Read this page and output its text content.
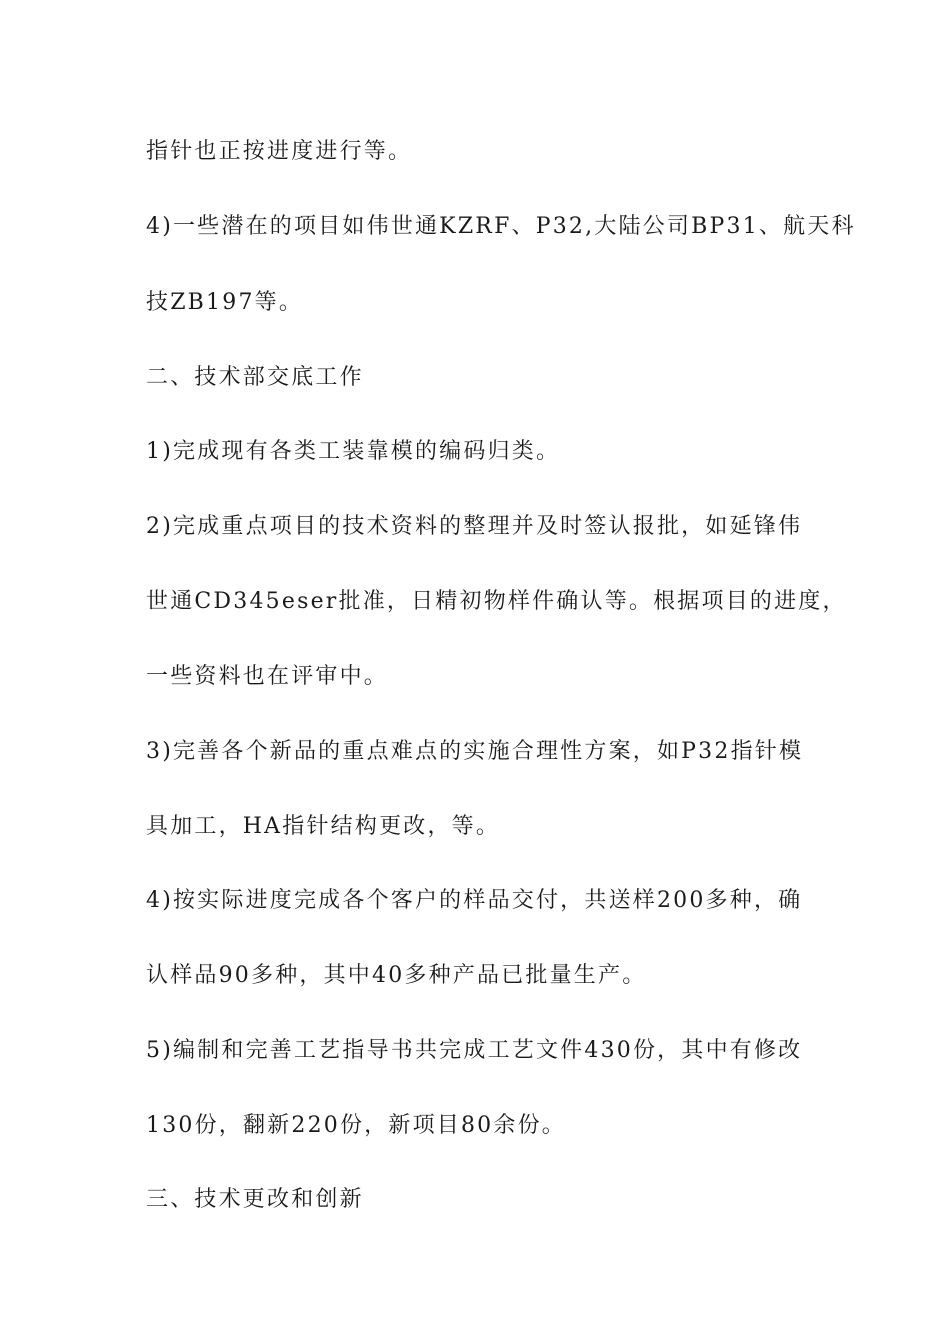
指针也正按进度进行等。
4)一些潜在的项目如伟世通KZRF、P32,大陆公司BP31、航天科
技ZB197等。
二、技术部交底工作
1)完成现有各类工装靠模的编码归类。
2)完成重点项目的技术资料的整理并及时签认报批，如延锋伟
世通CD345eser批准，日精初物样件确认等。根据项目的进度，
一些资料也在评审中。
3)完善各个新品的重点难点的实施合理性方案，如P32指针模
具加工，HA指针结构更改，等。
4)按实际进度完成各个客户的样品交付，共送样200多种，确
认样品90多种，其中40多种产品已批量生产。
5)编制和完善工艺指导书共完成工艺文件430份，其中有修改
130份，翻新220份，新项目80余份。
三、技术更改和创新
